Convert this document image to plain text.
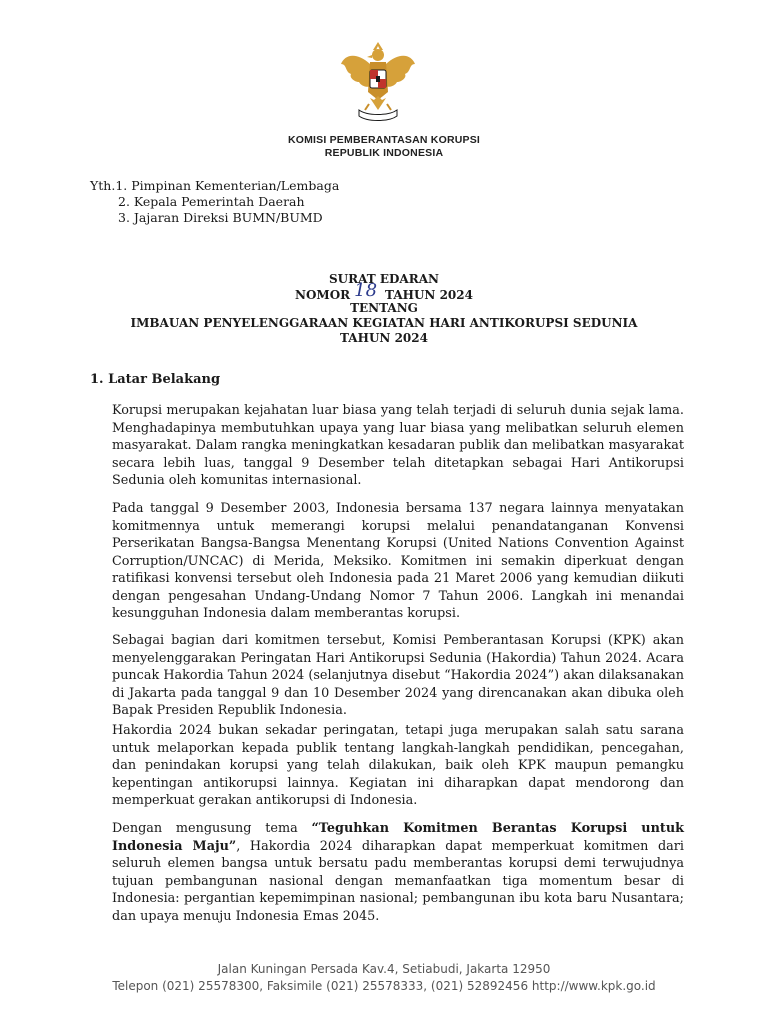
KOMISI PEMBERANTASAN KORUPSI
REPUBLIK INDONESIA
Yth.1. Pimpinan Kementerian/Lembaga
2. Kepala Pemerintah Daerah
3. Jajaran Direksi BUMN/BUMD
SURAT EDARAN
NOMOR 18 TAHUN 2024
TENTANG
IMBAUAN PENYELENGGARAAN KEGIATAN HARI ANTIKORUPSI SEDUNIA
TAHUN 2024
1. Latar Belakang

Korupsi merupakan kejahatan luar biasa yang telah terjadi di seluruh dunia sejak lama. Menghadapinya membutuhkan upaya yang luar biasa yang melibatkan seluruh elemen masyarakat. Dalam rangka meningkatkan kesadaran publik dan melibatkan masyarakat secara lebih luas, tanggal 9 Desember telah ditetapkan sebagai Hari Antikorupsi Sedunia oleh komunitas internasional.

Pada tanggal 9 Desember 2003, Indonesia bersama 137 negara lainnya menyatakan komitmennya untuk memerangi korupsi melalui penandatanganan Konvensi Perserikatan Bangsa-Bangsa Menentang Korupsi (United Nations Convention Against Corruption/UNCAC) di Merida, Meksiko. Komitmen ini semakin diperkuat dengan ratifikasi konvensi tersebut oleh Indonesia pada 21 Maret 2006 yang kemudian diikuti dengan pengesahan Undang-Undang Nomor 7 Tahun 2006. Langkah ini menandai kesungguhan Indonesia dalam memberantas korupsi.

Sebagai bagian dari komitmen tersebut, Komisi Pemberantasan Korupsi (KPK) akan menyelenggarakan Peringatan Hari Antikorupsi Sedunia (Hakordia) Tahun 2024. Acara puncak Hakordia Tahun 2024 (selanjutnya disebut “Hakordia 2024”) akan dilaksanakan di Jakarta pada tanggal 9 dan 10 Desember 2024 yang direncanakan akan dibuka oleh Bapak Presiden Republik Indonesia.

Hakordia 2024 bukan sekadar peringatan, tetapi juga merupakan salah satu sarana untuk melaporkan kepada publik tentang langkah-langkah pendidikan, pencegahan, dan penindakan korupsi yang telah dilakukan, baik oleh KPK maupun pemangku kepentingan antikorupsi lainnya. Kegiatan ini diharapkan dapat mendorong dan memperkuat gerakan antikorupsi di Indonesia.

Dengan mengusung tema “Teguhkan Komitmen Berantas Korupsi untuk Indonesia Maju”, Hakordia 2024 diharapkan dapat memperkuat komitmen dari seluruh elemen bangsa untuk bersatu padu memberantas korupsi demi terwujudnya tujuan pembangunan nasional dengan memanfaatkan tiga momentum besar di Indonesia: pergantian kepemimpinan nasional; pembangunan ibu kota baru Nusantara; dan upaya menuju Indonesia Emas 2045.

Jalan Kuningan Persada Kav.4, Setiabudi, Jakarta 12950
Telepon (021) 25578300, Faksimile (021) 25578333, (021) 52892456 http://www.kpk.go.id
